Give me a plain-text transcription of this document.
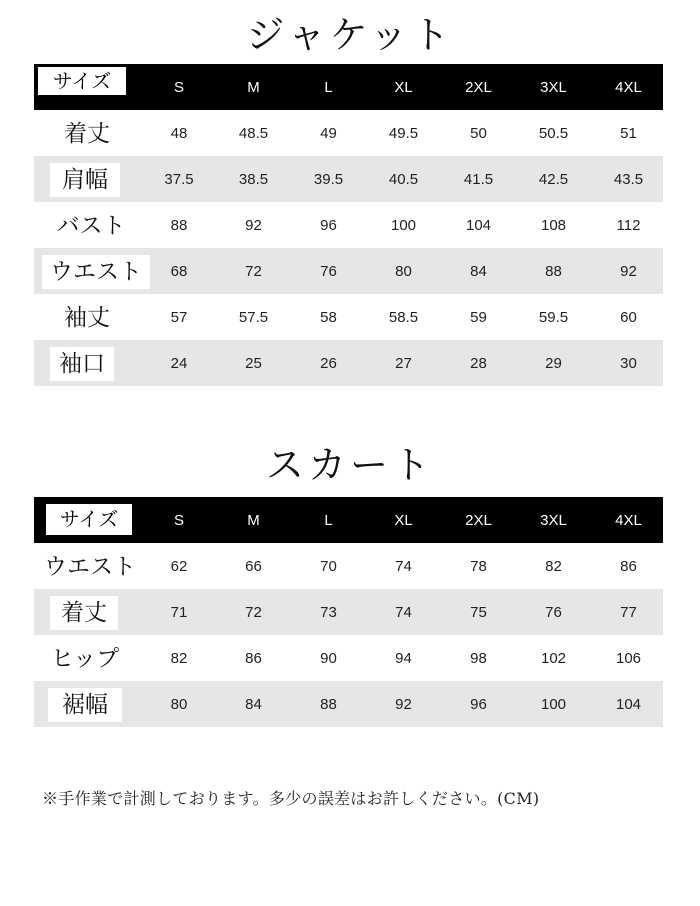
ジャケット
サイズ	S	M	L	XL	2XL	3XL	4XL
着丈	48	48.5	49	49.5	50	50.5	51
肩幅	37.5	38.5	39.5	40.5	41.5	42.5	43.5
バスト	88	92	96	100	104	108	112
ウエスト	68	72	76	80	84	88	92
袖丈	57	57.5	58	58.5	59	59.5	60
袖口	24	25	26	27	28	29	30
スカート
サイズ	S	M	L	XL	2XL	3XL	4XL
ウエスト	62	66	70	74	78	82	86
着丈	71	72	73	74	75	76	77
ヒップ	82	86	90	94	98	102	106
裾幅	80	84	88	92	96	100	104
※手作業で計測しております。多少の誤差はお許しください。(CM)
